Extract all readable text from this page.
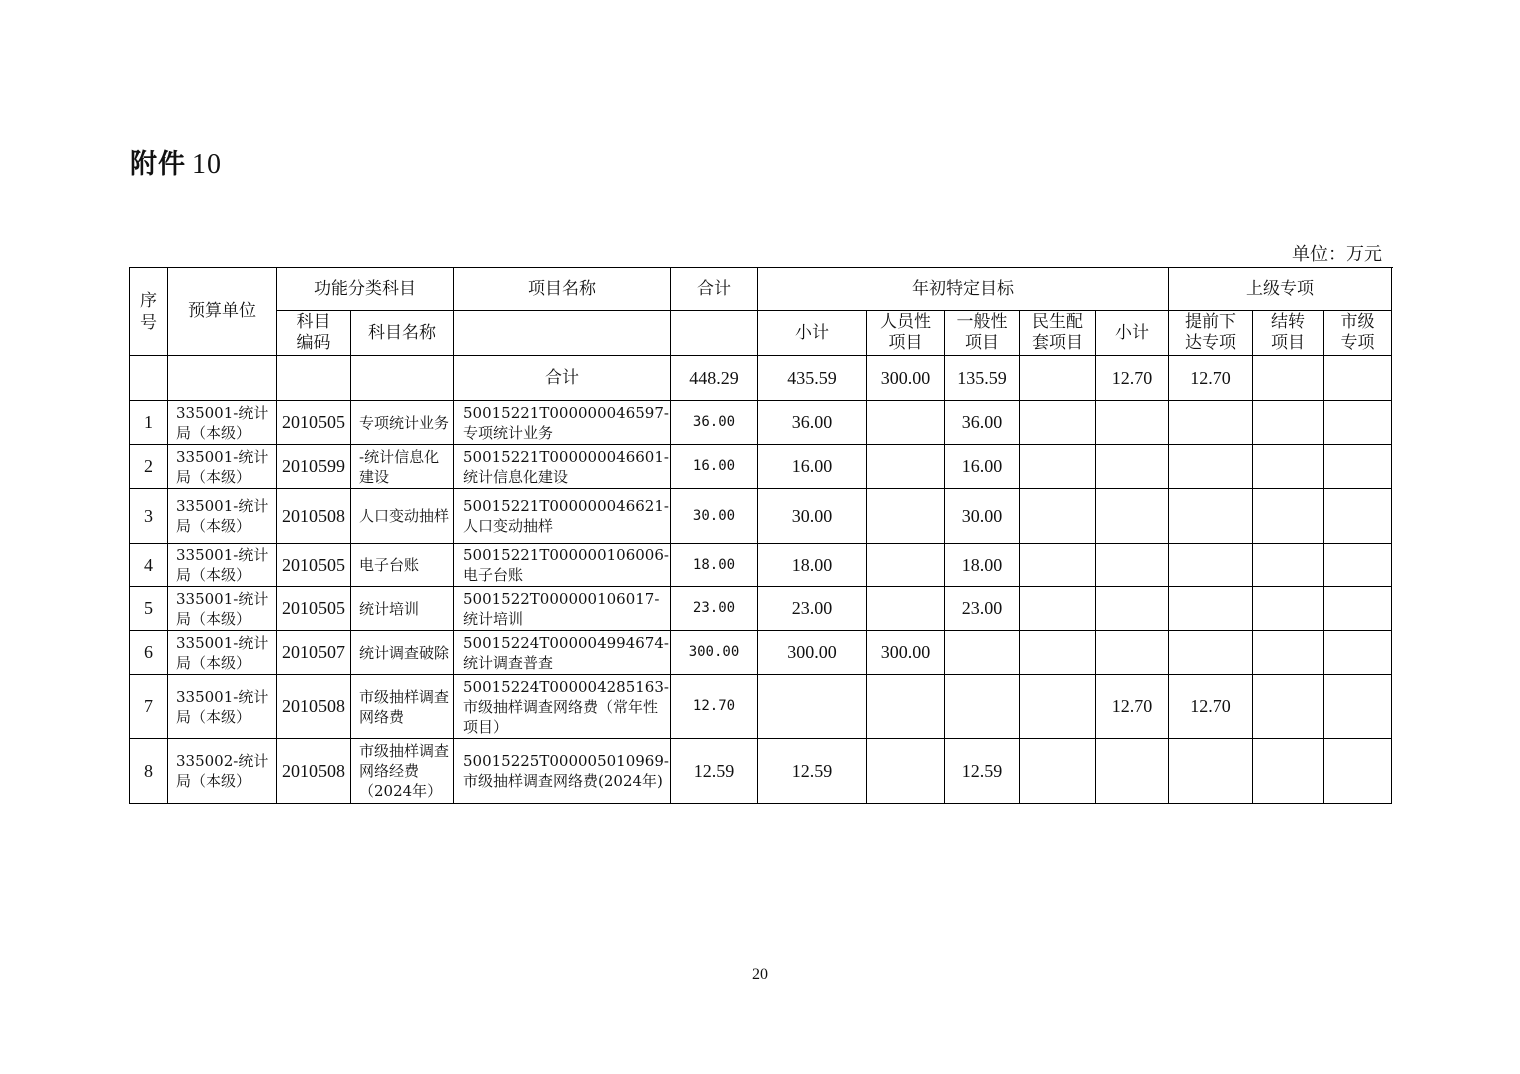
附件 10
单位：万元
序号	预算单位	功能分类科目		项目名称	合计	年初特定目标					上级专项		
		科目编码	科目名称			小计	人员性项目	一般性项目	民生配套项目	小计	提前下达专项	结转项目	市级专项
				合计	448.29	435.59	300.00	135.59		12.70	12.70		
1	335001-统计局（本级）	2010505	专项统计业务	50015221T000000046597-专项统计业务	36.00	36.00		36.00					
2	335001-统计局（本级）	2010599	-统计信息化建设	50015221T000000046601-统计信息化建设	16.00	16.00		16.00					
3	335001-统计局（本级）	2010508	人口变动抽样	50015221T000000046621-人口变动抽样	30.00	30.00		30.00					
4	335001-统计局（本级）	2010505	电子台账	50015221T000000106006-电子台账	18.00	18.00		18.00					
5	335001-统计局（本级）	2010505	统计培训	5001522T000000106017-统计培训	23.00	23.00		23.00					
6	335001-统计局（本级）	2010507	统计调查破除	50015224T000004994674-统计调查普查	300.00	300.00	300.00						
7	335001-统计局（本级）	2010508	市级抽样调查网络费	50015224T000004285163-市级抽样调查网络费（常年性项目）	12.70					12.70	12.70		
8	335002-统计局（本级）	2010508	市级抽样调查网络经费（2024年）	50015225T000005010969-市级抽样调查网络费(2024年)	12.59	12.59		12.59					
20
